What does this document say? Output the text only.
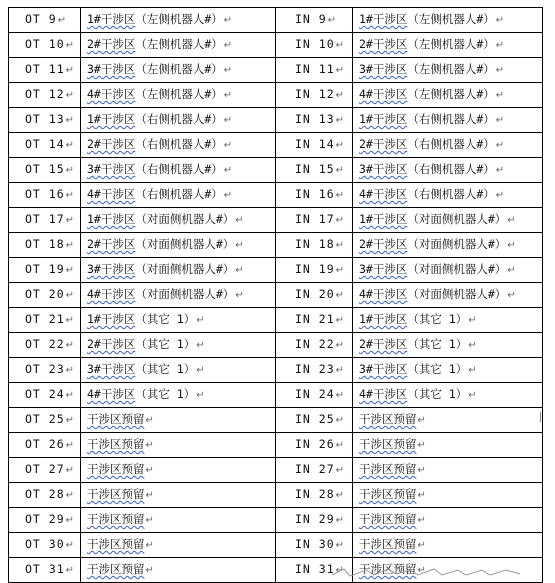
OT 9↵	1#干涉区（左侧机器人#）↵	IN 9↵	1#干涉区（左侧机器人#）↵
OT 10↵	2#干涉区（左侧机器人#）↵	IN 10↵	2#干涉区（左侧机器人#）↵
OT 11↵	3#干涉区（左侧机器人#）↵	IN 11↵	3#干涉区（左侧机器人#）↵
OT 12↵	4#干涉区（左侧机器人#）↵	IN 12↵	4#干涉区（左侧机器人#）↵
OT 13↵	1#干涉区（右侧机器人#）↵	IN 13↵	1#干涉区（右侧机器人#）↵
OT 14↵	2#干涉区（右侧机器人#）↵	IN 14↵	2#干涉区（右侧机器人#）↵
OT 15↵	3#干涉区（右侧机器人#）↵	IN 15↵	3#干涉区（右侧机器人#）↵
OT 16↵	4#干涉区（右侧机器人#）↵	IN 16↵	4#干涉区（右侧机器人#）↵
OT 17↵	1#干涉区（对面侧机器人#）↵	IN 17↵	1#干涉区（对面侧机器人#）↵
OT 18↵	2#干涉区（对面侧机器人#）↵	IN 18↵	2#干涉区（对面侧机器人#）↵
OT 19↵	3#干涉区（对面侧机器人#）↵	IN 19↵	3#干涉区（对面侧机器人#）↵
OT 20↵	4#干涉区（对面侧机器人#）↵	IN 20↵	4#干涉区（对面侧机器人#）↵
OT 21↵	1#干涉区（其它 1）↵	IN 21↵	1#干涉区（其它 1）↵
OT 22↵	2#干涉区（其它 1）↵	IN 22↵	2#干涉区（其它 1）↵
OT 23↵	3#干涉区（其它 1）↵	IN 23↵	3#干涉区（其它 1）↵
OT 24↵	4#干涉区（其它 1）↵	IN 24↵	4#干涉区（其它 1）↵
OT 25↵	干涉区预留↵	IN 25↵	干涉区预留↵
OT 26↵	干涉区预留↵	IN 26↵	干涉区预留↵
OT 27↵	干涉区预留↵	IN 27↵	干涉区预留↵
OT 28↵	干涉区预留↵	IN 28↵	干涉区预留↵
OT 29↵	干涉区预留↵	IN 29↵	干涉区预留↵
OT 30↵	干涉区预留↵	IN 30↵	干涉区预留↵
OT 31↵	干涉区预留↵	IN 31↵	干涉区预留↵
